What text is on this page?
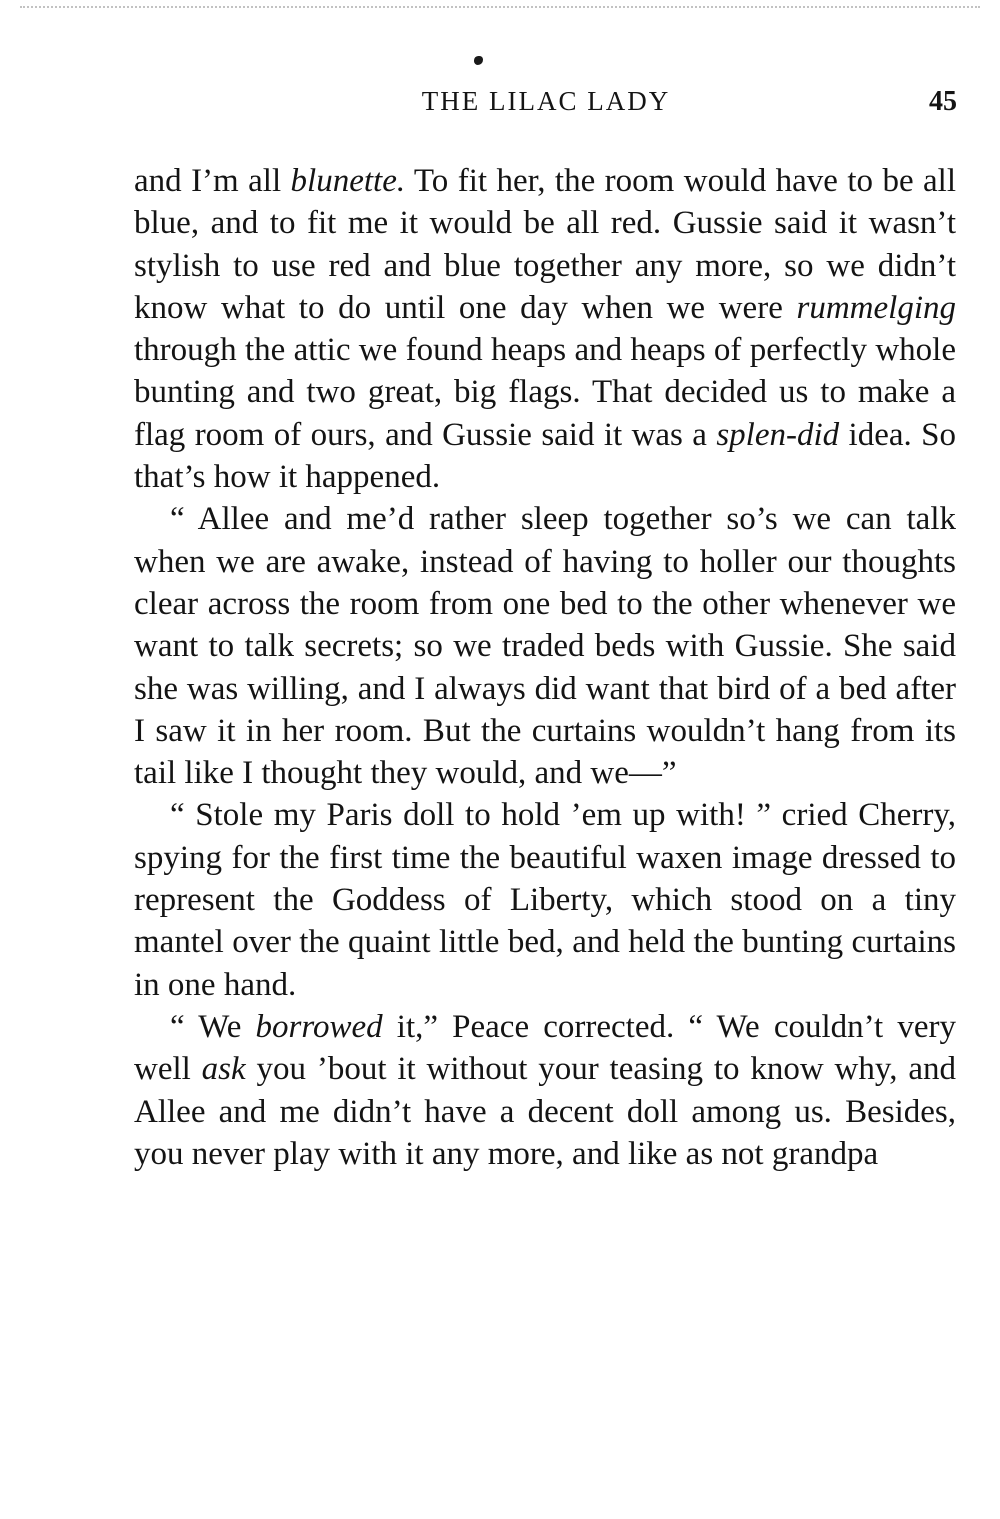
THE LILAC LADY	45

and I’m all blunette. To fit her, the room would have to be all blue, and to fit me it would be all red. Gussie said it wasn’t stylish to use red and blue together any more, so we didn’t know what to do until one day when we were rummelging through the attic we found heaps and heaps of perfectly whole bunting and two great, big flags. That decided us to make a flag room of ours, and Gussie said it was a splen-did idea. So that’s how it happened.

“ Allee and me’d rather sleep together so’s we can talk when we are awake, instead of having to holler our thoughts clear across the room from one bed to the other whenever we want to talk secrets; so we traded beds with Gussie. She said she was willing, and I always did want that bird of a bed after I saw it in her room. But the curtains wouldn’t hang from its tail like I thought they would, and we—”

“ Stole my Paris doll to hold ’em up with! ” cried Cherry, spying for the first time the beautiful waxen image dressed to represent the Goddess of Liberty, which stood on a tiny mantel over the quaint little bed, and held the bunting curtains in one hand.

“ We borrowed it,” Peace corrected. “ We couldn’t very well ask you ’bout it without your teasing to know why, and Allee and me didn’t have a decent doll among us. Besides, you never play with it any more, and like as not grandpa
